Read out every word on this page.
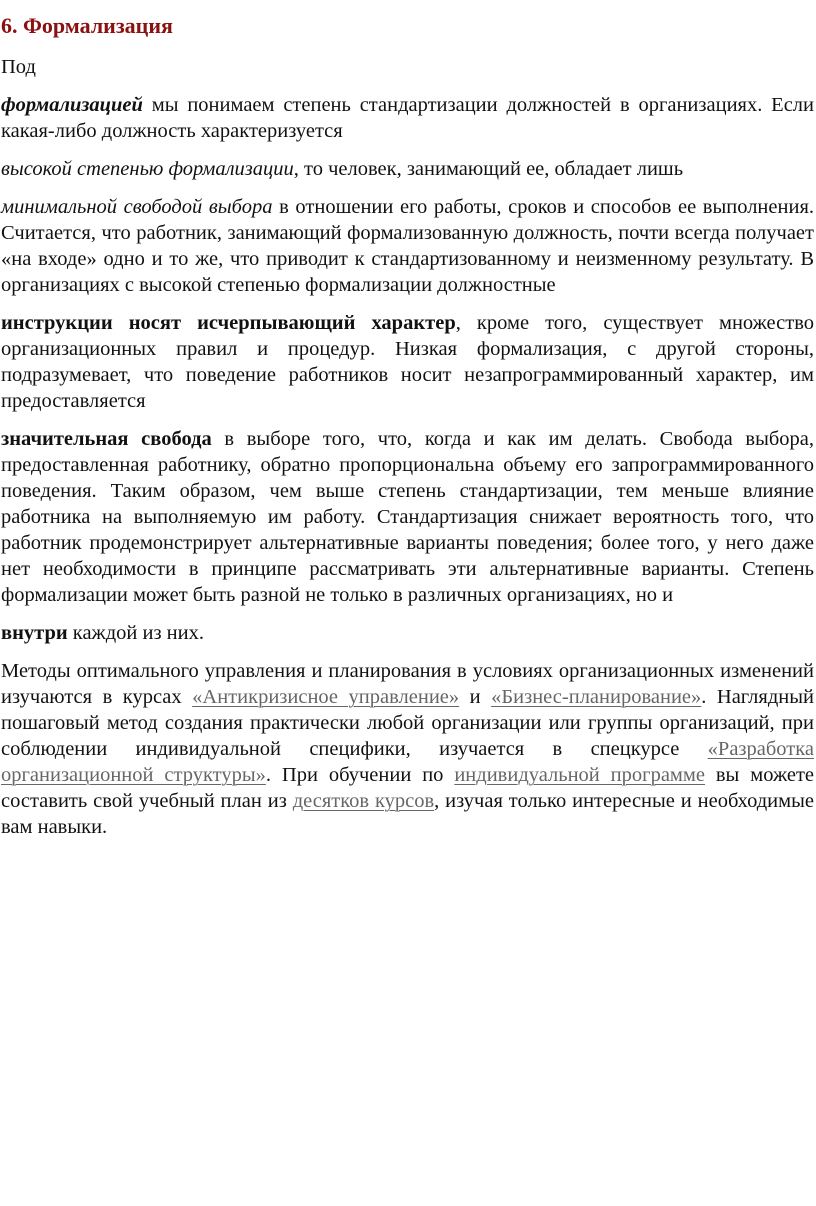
6. Формализация

Под

формализацией мы понимаем степень стандартизации должностей в организациях. Если какая-либо должность характеризуется

высокой степенью формализации, то человек, занимающий ее, обладает лишь

минимальной свободой выбора в отношении его работы, сроков и способов ее выполнения. Считается, что работник, занимающий формализованную должность, почти всегда получает «на входе» одно и то же, что приводит к стандартизованному и неизменному результату. В организациях с высокой степенью формализации должностные

инструкции носят исчерпывающий характер, кроме того, существует множество организационных правил и процедур. Низкая формализация, с другой стороны, подразумевает, что поведение работников носит незапрограммированный характер, им предоставляется

значительная свобода в выборе того, что, когда и как им делать. Свобода выбора, предоставленная работнику, обратно пропорциональна объему его запрограммированного поведения. Таким образом, чем выше степень стандартизации, тем меньше влияние работника на выполняемую им работу. Стандартизация снижает вероятность того, что работник продемонстрирует альтернативные варианты поведения; более того, у него даже нет необходимости в принципе рассматривать эти альтернативные варианты. Степень формализации может быть разной не только в различных организациях, но и

внутри каждой из них.

Методы оптимального управления и планирования в условиях организационных изменений изучаются в курсах «Антикризисное управление» и «Бизнес-планирование». Наглядный пошаговый метод создания практически любой организации или группы организаций, при соблюдении индивидуальной специфики, изучается в спецкурсе «Разработка организационной структуры». При обучении по индивидуальной программе вы можете составить свой учебный план из десятков курсов, изучая только интересные и необходимые вам навыки.
